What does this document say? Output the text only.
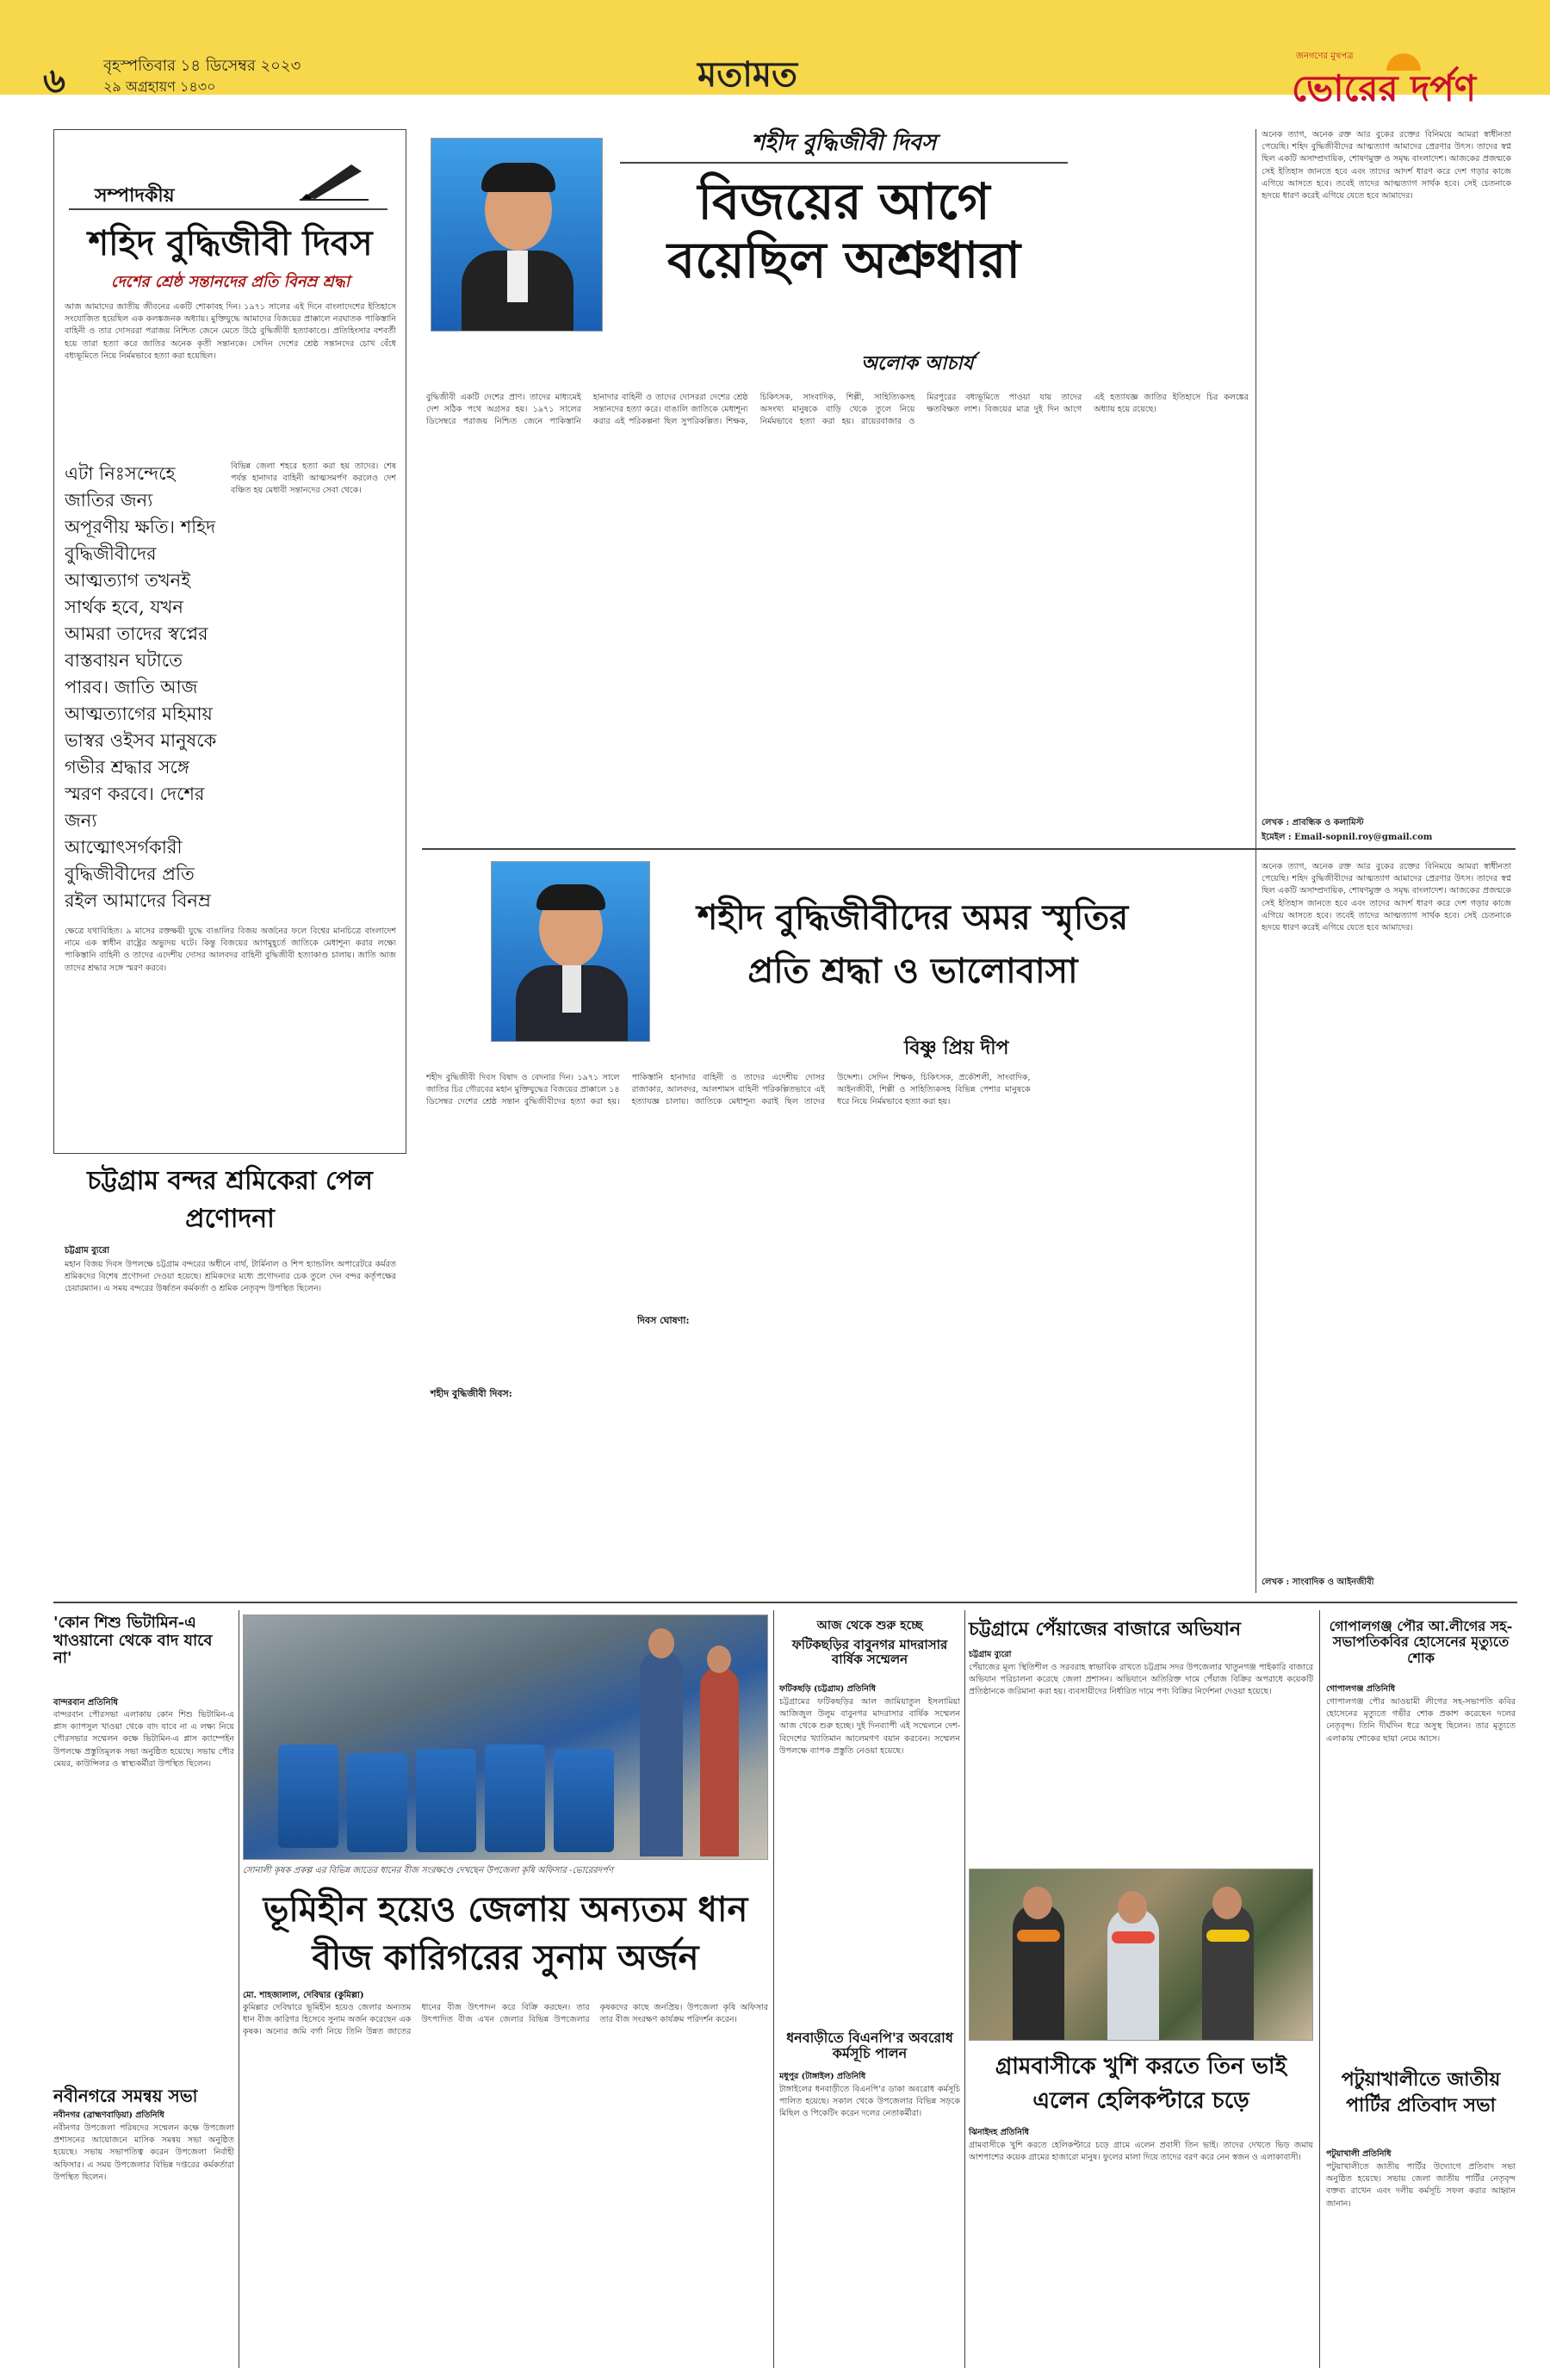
৬	বৃহস্পতিবার ১৪ ডিসেম্বর ২০২৩
২৯ অগ্রহায়ণ ১৪৩০	মতামত	জনগণের মুখপত্র
ভোরের দর্পণ
সম্পাদকীয়
শহিদ বুদ্ধিজীবী দিবস
দেশের শ্রেষ্ঠ সন্তানদের প্রতি বিনম্র শ্রদ্ধা
আজ আমাদের জাতীয় জীবনের একটি শোকাবহ দিন। ১৯৭১ সালের এই দিনে বাংলাদেশের ইতিহাসে সংযোজিত হয়েছিল এক কলঙ্কজনক অধ্যায়। মুক্তিযুদ্ধে আমাদের বিজয়ের প্রাক্কালে নরঘাতক পাকিস্তানি বাহিনী ও তার দোসররা পরাজয় নিশ্চিত জেনে মেতে উঠে বুদ্ধিজীবী হত্যাকাণ্ডে। প্রতিহিংসার বশবর্তী হয়ে তারা হত্যা করে জাতির অনেক কৃতী সন্তানকে। সেদিন দেশের শ্রেষ্ঠ সন্তানদের চোখ বেঁধে বধ্যভূমিতে নিয়ে নির্মমভাবে হত্যা করা হয়েছিল।
এটা নিঃসন্দেহে জাতির জন্য অপূরণীয় ক্ষতি। শহিদ বুদ্ধিজীবীদের আত্মত্যাগ তখনই সার্থক হবে, যখন আমরা তাদের স্বপ্নের বাস্তবায়ন ঘটাতে পারব। জাতি আজ আত্মত্যাগের মহিমায় ভাস্বর ওইসব মানুষকে গভীর শ্রদ্ধার সঙ্গে স্মরণ করবে। দেশের জন্য আত্মোৎসর্গকারী বুদ্ধিজীবীদের প্রতি রইল আমাদের বিনম্র
বিভিন্ন জেলা শহরে হত্যা করা হয় তাদের। শেষ পর্যন্ত হানাদার বাহিনী আত্মসমর্পণ করলেও দেশ বঞ্চিত হয় মেধাবী সন্তানদের সেবা থেকে।
ক্ষেত্রে যথাবিহিত। ৯ মাসের রক্তক্ষয়ী যুদ্ধে বাঙালির বিজয় অর্জনের ফলে বিশ্বের মানচিত্রে বাংলাদেশ নামে এক স্বাধীন রাষ্ট্রের অভ্যুদয় ঘটে। কিন্তু বিজয়ের আগমুহূর্তে জাতিকে মেধাশূন্য করার লক্ষ্যে পাকিস্তানি বাহিনী ও তাদের এদেশীয় দোসর আলবদর বাহিনী বুদ্ধিজীবী হত্যাকাণ্ড চালায়। জাতি আজ তাদের শ্রদ্ধার সঙ্গে স্মরণ করবে।
চট্টগ্রাম বন্দর শ্রমিকেরা পেল প্রণোদনা
চট্টগ্রাম ব্যুরো
মহান বিজয় দিবস উপলক্ষে চট্টগ্রাম বন্দরের অধীনে বার্থ, টার্মিনাল ও শিপ হ্যান্ডলিং অপারেটরে কর্মরত শ্রমিকদের বিশেষ প্রণোদনা দেওয়া হয়েছে। শ্রমিকদের মধ্যে প্রণোদনার চেক তুলে দেন বন্দর কর্তৃপক্ষের চেয়ারম্যান। এ সময় বন্দরের উর্ধ্বতন কর্মকর্তা ও শ্রমিক নেতৃবৃন্দ উপস্থিত ছিলেন।
শহীদ বুদ্ধিজীবী দিবস
বিজয়ের আগে বয়েছিল অশ্রুধারা
অলোক আচার্য
বুদ্ধিজীবী একটি দেশের প্রাণ। তাদের মাধ্যমেই দেশ সঠিক পথে অগ্রসর হয়। ১৯৭১ সালের ডিসেম্বরে পরাজয় নিশ্চিত জেনে পাকিস্তানি হানাদার বাহিনী ও তাদের দোসররা দেশের শ্রেষ্ঠ সন্তানদের হত্যা করে। বাঙালি জাতিকে মেধাশূন্য করার এই পরিকল্পনা ছিল সুপরিকল্পিত। শিক্ষক, চিকিৎসক, সাংবাদিক, শিল্পী, সাহিত্যিকসহ অসংখ্য মানুষকে বাড়ি থেকে তুলে নিয়ে নির্মমভাবে হত্যা করা হয়। রায়েরবাজার ও মিরপুরের বধ্যভূমিতে পাওয়া যায় তাদের ক্ষতবিক্ষত লাশ। বিজয়ের মাত্র দুই দিন আগে এই হত্যাযজ্ঞ জাতির ইতিহাসে চির কলঙ্কের অধ্যায় হয়ে রয়েছে।
অনেক ত্যাগ, অনেক রক্ত আর বুকের রক্তের বিনিময়ে আমরা স্বাধীনতা পেয়েছি। শহিদ বুদ্ধিজীবীদের আত্মত্যাগ আমাদের প্রেরণার উৎস। তাদের স্বপ্ন ছিল একটি অসাম্প্রদায়িক, শোষণমুক্ত ও সমৃদ্ধ বাংলাদেশ। আজকের প্রজন্মকে সেই ইতিহাস জানতে হবে এবং তাদের আদর্শ ধারণ করে দেশ গড়ার কাজে এগিয়ে আসতে হবে। তবেই তাদের আত্মত্যাগ সার্থক হবে। সেই চেতনাকে হৃদয়ে ধারণ করেই এগিয়ে যেতে হবে আমাদের।
লেখক : প্রাবন্ধিক ও কলামিস্ট
ইমেইল : Email-sopnil.roy@gmail.com
শহীদ বুদ্ধিজীবীদের অমর স্মৃতির প্রতি শ্রদ্ধা ও ভালোবাসা
বিষ্ণু প্রিয় দীপ
শহীদ বুদ্ধিজীবী দিবস বিষাদ ও বেদনার দিন। ১৯৭১ সালে জাতির চির গৌরবের মহান মুক্তিযুদ্ধের বিজয়ের প্রাক্কালে ১৪ ডিসেম্বর দেশের শ্রেষ্ঠ সন্তান বুদ্ধিজীবীদের হত্যা করা হয়। পাকিস্তানি হানাদার বাহিনী ও তাদের এদেশীয় দোসর রাজাকার, আলবদর, আলশামস বাহিনী পরিকল্পিতভাবে এই হত্যাযজ্ঞ চালায়। জাতিকে মেধাশূন্য করাই ছিল তাদের উদ্দেশ্য। সেদিন শিক্ষক, চিকিৎসক, প্রকৌশলী, সাংবাদিক, আইনজীবী, শিল্পী ও সাহিত্যিকসহ বিভিন্ন পেশার মানুষকে ধরে নিয়ে নির্মমভাবে হত্যা করা হয়।
শহীদ বুদ্ধিজীবী দিবস:
দিবস ঘোষণা:
অনেক ত্যাগ, অনেক রক্ত আর বুকের রক্তের বিনিময়ে আমরা স্বাধীনতা পেয়েছি। শহিদ বুদ্ধিজীবীদের আত্মত্যাগ আমাদের প্রেরণার উৎস। তাদের স্বপ্ন ছিল একটি অসাম্প্রদায়িক, শোষণমুক্ত ও সমৃদ্ধ বাংলাদেশ। আজকের প্রজন্মকে সেই ইতিহাস জানতে হবে এবং তাদের আদর্শ ধারণ করে দেশ গড়ার কাজে এগিয়ে আসতে হবে। তবেই তাদের আত্মত্যাগ সার্থক হবে। সেই চেতনাকে হৃদয়ে ধারণ করেই এগিয়ে যেতে হবে আমাদের।
লেখক : সাংবাদিক ও আইনজীবী
'কোন শিশু ভিটামিন-এ খাওয়ানো থেকে বাদ যাবে না'
বান্দরবান প্রতিনিধি
বান্দরবান পৌরসভা এলাকায় কোন শিশু ভিটামিন-এ প্লাস ক্যাপসুল খাওয়া থেকে বাদ যাবে না এ লক্ষ্য নিয়ে পৌরসভার সম্মেলন কক্ষে ভিটামিন-এ প্লাস ক্যাম্পেইন উপলক্ষে প্রস্তুতিমূলক সভা অনুষ্ঠিত হয়েছে। সভায় পৌর মেয়র, কাউন্সিলর ও স্বাস্থ্যকর্মীরা উপস্থিত ছিলেন।
নবীনগরে সমন্বয় সভা
নবীনগর (ব্রাহ্মণবাড়িয়া) প্রতিনিধি
নবীনগর উপজেলা পরিষদের সম্মেলন কক্ষে উপজেলা প্রশাসনের আয়োজনে মাসিক সমন্বয় সভা অনুষ্ঠিত হয়েছে। সভায় সভাপতিত্ব করেন উপজেলা নির্বাহী অফিসার। এ সময় উপজেলার বিভিন্ন দপ্তরের কর্মকর্তারা উপস্থিত ছিলেন।
সোনালী কৃষক প্রকল্প এর বিভিন্ন জাতের ধানের বীজ সংরক্ষণ্ডে দেখছেন উপজেলা কৃষি অফিসার -ভোরেরদর্পণ
ভূমিহীন হয়েও জেলায় অন্যতম ধান বীজ কারিগরের সুনাম অর্জন
মো. শাহজালাল, দেবিদ্বার (কুমিল্লা)
কুমিল্লার দেবিদ্বারে ভূমিহীন হয়েও জেলার অন্যতম ধান বীজ কারিগর হিসেবে সুনাম অর্জন করেছেন এক কৃষক। অন্যের জমি বর্গা নিয়ে তিনি উন্নত জাতের ধানের বীজ উৎপাদন করে বিক্রি করছেন। তার উৎপাদিত বীজ এখন জেলার বিভিন্ন উপজেলার কৃষকদের কাছে জনপ্রিয়। উপজেলা কৃষি অফিসার তার বীজ সংরক্ষণ কার্যক্রম পরিদর্শন করেন।
আজ থেকে শুরু হচ্ছে
ফটিকছড়ির বাবুনগর মাদরাসার বার্ষিক সম্মেলন
ফটিকছড়ি (চট্টগ্রাম) প্রতিনিধি
চট্টগ্রামের ফটিকছড়ির আল জামিয়াতুল ইসলামিয়া আজিজুল উলুম বাবুনগর মাদরাসার বার্ষিক সম্মেলন আজ থেকে শুরু হচ্ছে। দুই দিনব্যাপী এই সম্মেলনে দেশ-বিদেশের খ্যাতিমান আলেমগণ বয়ান করবেন। সম্মেলন উপলক্ষে ব্যাপক প্রস্তুতি নেওয়া হয়েছে।
ধনবাড়ীতে বিএনপি'র অবরোধ কর্মসূচি পালন
মধুপুর (টাঙ্গাইল) প্রতিনিধি
টাঙ্গাইলের ধনবাড়ীতে বিএনপি'র ডাকা অবরোধ কর্মসূচি পালিত হয়েছে। সকাল থেকে উপজেলার বিভিন্ন সড়কে মিছিল ও পিকেটিং করেন দলের নেতাকর্মীরা।
চট্টগ্রামে পেঁয়াজের বাজারে অভিযান
চট্টগ্রাম ব্যুরো
পেঁয়াজের মূল্য স্থিতিশীল ও সরবরাহ স্বাভাবিক রাখতে চট্টগ্রাম সদর উপজেলার খাতুনগঞ্জ পাইকারি বাজারে অভিযান পরিচালনা করেছে জেলা প্রশাসন। অভিযানে অতিরিক্ত দামে পেঁয়াজ বিক্রির অপরাধে কয়েকটি প্রতিষ্ঠানকে জরিমানা করা হয়। ব্যবসায়ীদের নির্ধারিত দামে পণ্য বিক্রির নির্দেশনা দেওয়া হয়েছে।
গ্রামবাসীকে খুশি করতে তিন ভাই এলেন হেলিকপ্টারে চড়ে
ঝিনাইদহ প্রতিনিধি
গ্রামবাসীকে খুশি করতে হেলিকপ্টারে চড়ে গ্রামে এলেন প্রবাসী তিন ভাই। তাদের দেখতে ভিড় জমায় আশপাশের কয়েক গ্রামের হাজারো মানুষ। ফুলের মালা দিয়ে তাদের বরণ করে নেন স্বজন ও এলাকাবাসী।
গোপালগঞ্জ পৌর আ.লীগের সহ-সভাপতিকবির হোসেনের মৃত্যুতে শোক
গোপালগঞ্জ প্রতিনিধি
গোপালগঞ্জ পৌর আওয়ামী লীগের সহ-সভাপতি কবির হোসেনের মৃত্যুতে গভীর শোক প্রকাশ করেছেন দলের নেতৃবৃন্দ। তিনি দীর্ঘদিন ধরে অসুস্থ ছিলেন। তার মৃত্যুতে এলাকায় শোকের ছায়া নেমে আসে।
পটুয়াখালীতে জাতীয় পার্টির প্রতিবাদ সভা
পটুয়াখালী প্রতিনিধি
পটুয়াখালীতে জাতীয় পার্টির উদ্যোগে প্রতিবাদ সভা অনুষ্ঠিত হয়েছে। সভায় জেলা জাতীয় পার্টির নেতৃবৃন্দ বক্তব্য রাখেন এবং দলীয় কর্মসূচি সফল করার আহ্বান জানান।
